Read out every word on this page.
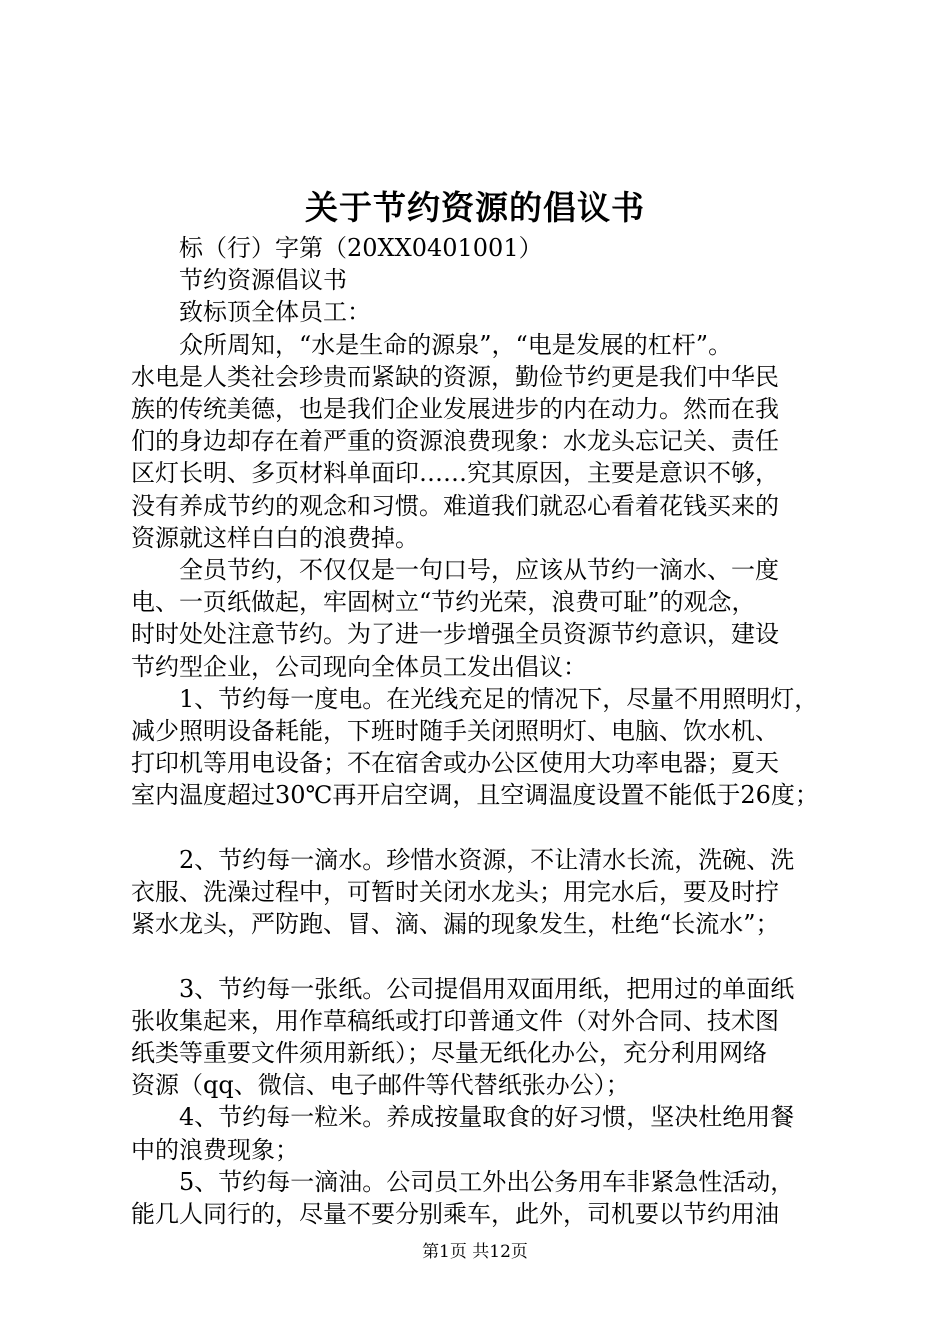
关于节约资源的倡议书
标（行）字第（20XX0401001）
节约资源倡议书
致标顶全体员工：
众所周知，“水是生命的源泉”，“电是发展的杠杆”。
水电是人类社会珍贵而紧缺的资源，勤俭节约更是我们中华民
族的传统美德，也是我们企业发展进步的内在动力。然而在我
们的身边却存在着严重的资源浪费现象：水龙头忘记关、责任
区灯长明、多页材料单面印……究其原因，主要是意识不够，
没有养成节约的观念和习惯。难道我们就忍心看着花钱买来的
资源就这样白白的浪费掉。
全员节约，不仅仅是一句口号，应该从节约一滴水、一度
电、一页纸做起，牢固树立“节约光荣，浪费可耻”的观念，
时时处处注意节约。为了进一步增强全员资源节约意识，建设
节约型企业，公司现向全体员工发出倡议：
1、节约每一度电。在光线充足的情况下，尽量不用照明灯，
减少照明设备耗能，下班时随手关闭照明灯、电脑、饮水机、
打印机等用电设备；不在宿舍或办公区使用大功率电器；夏天
室内温度超过30℃再开启空调，且空调温度设置不能低于26度；
2、节约每一滴水。珍惜水资源，不让清水长流，洗碗、洗
衣服、洗澡过程中，可暂时关闭水龙头；用完水后，要及时拧
紧水龙头，严防跑、冒、滴、漏的现象发生，杜绝“长流水”；
3、节约每一张纸。公司提倡用双面用纸，把用过的单面纸
张收集起来，用作草稿纸或打印普通文件（对外合同、技术图
纸类等重要文件须用新纸）；尽量无纸化办公，充分利用网络
资源（qq、微信、电子邮件等代替纸张办公）；
4、节约每一粒米。养成按量取食的好习惯，坚决杜绝用餐
中的浪费现象；
5、节约每一滴油。公司员工外出公务用车非紧急性活动，
能几人同行的，尽量不要分别乘车，此外，司机要以节约用油
第1页 共12页
